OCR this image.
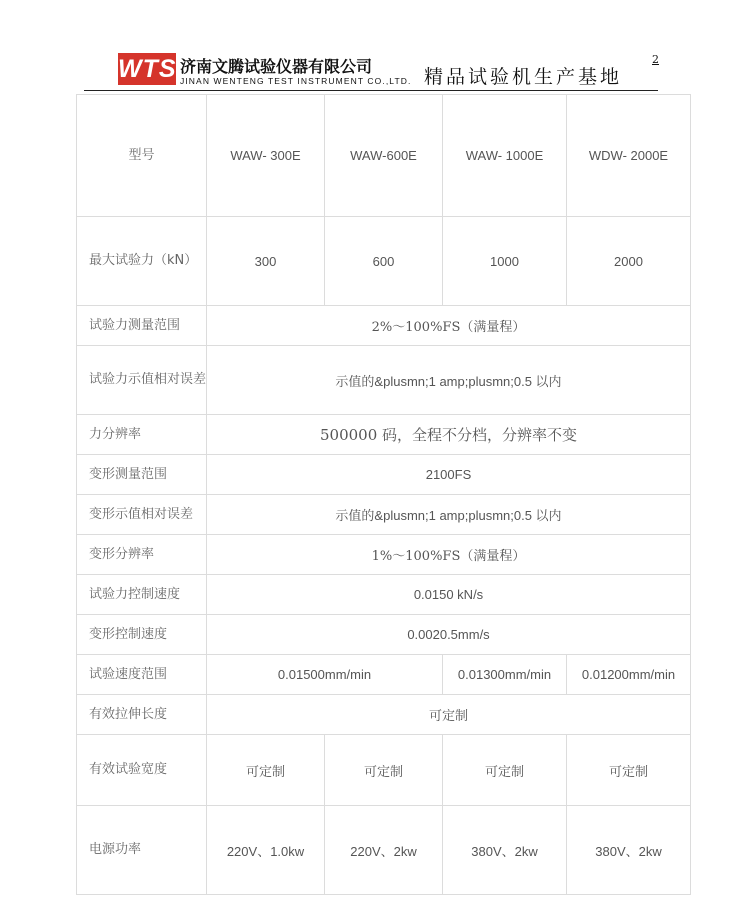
WTS 济南文腾试验仪器有限公司
JINAN WENTENG TEST INSTRUMENT CO.,LTD. 精品试验机生产基地
2
型号	WAW- 300E	WAW-600E	WAW- 1000E	WDW- 2000E
最大试验力（kN）	300	600	1000	2000
试验力测量范围	2%～100%FS（满量程）			
试验力示值相对误差	示值的&plusmn;1 amp;plusmn;0.5 以内			
力分辨率	500000 码，全程不分档，分辨率不变			
变形测量范围	2100FS			
变形示值相对误差	示值的&plusmn;1 amp;plusmn;0.5 以内			
变形分辨率	1%～100%FS（满量程）			
试验力控制速度	0.0150 kN/s			
变形控制速度	0.0020.5mm/s			
试验速度范围	0.01500mm/min		0.01300mm/min	0.01200mm/min
有效拉伸长度	可定制			
有效试验宽度	可定制	可定制	可定制	可定制
电源功率	220V、1.0kw	220V、2kw	380V、2kw	380V、2kw
